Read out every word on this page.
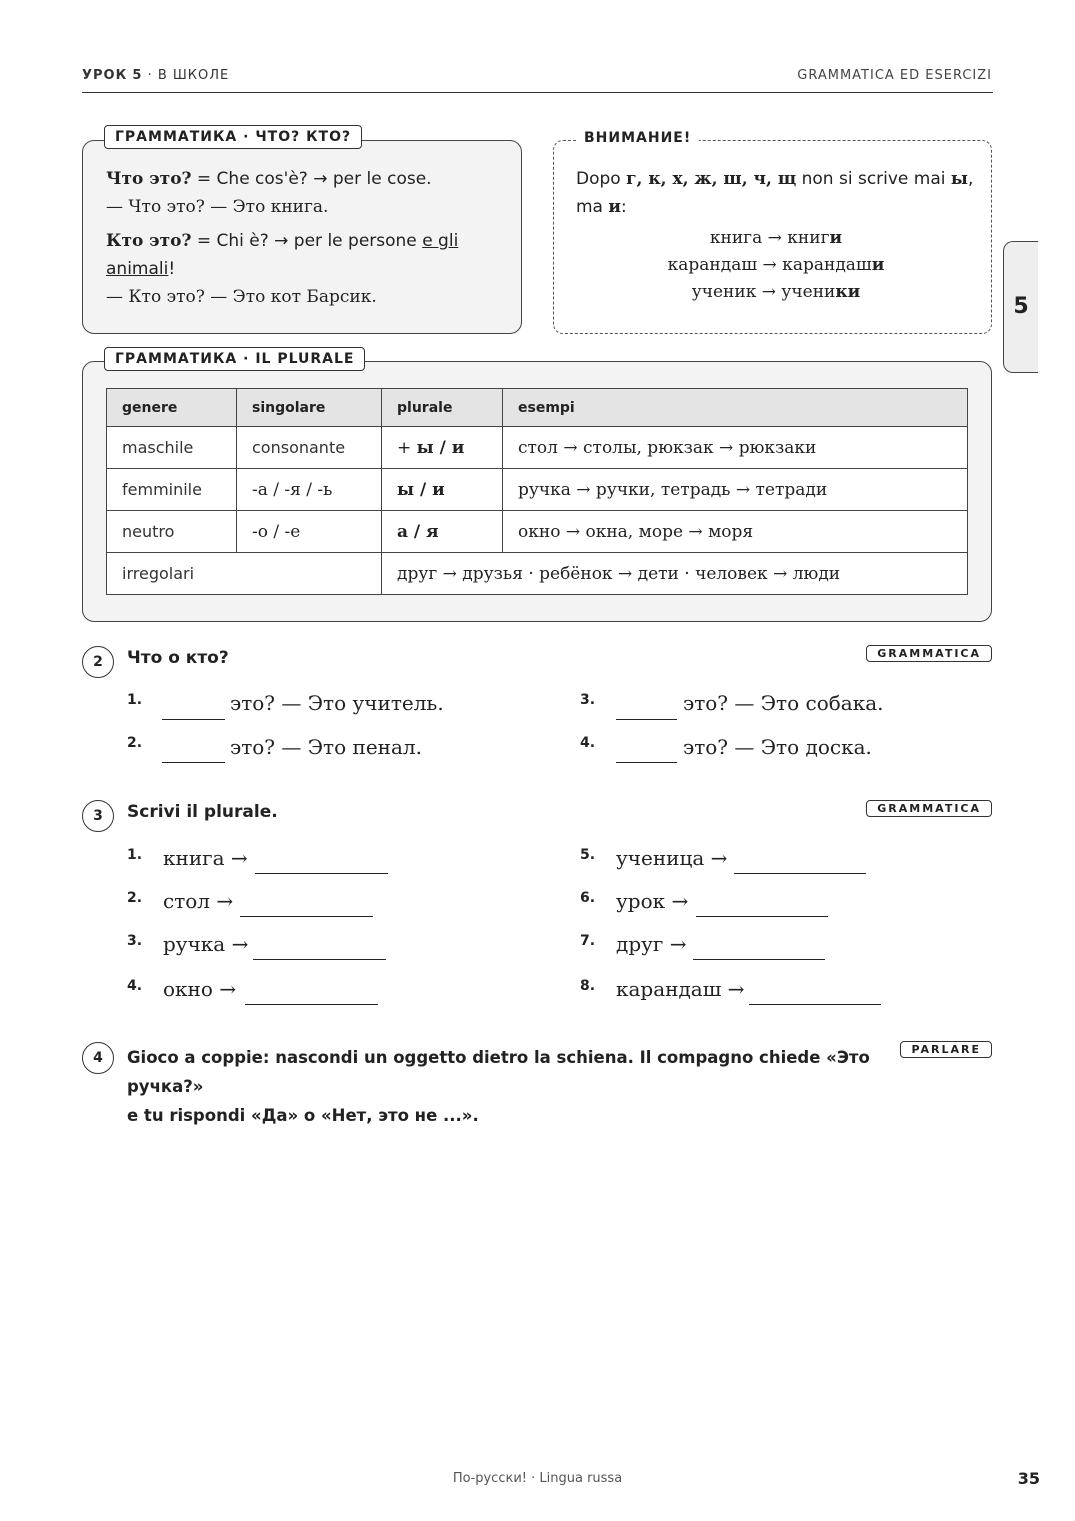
УРОК 5 · В ШКОЛЕ	GRAMMATICA ED ESERCIZI
5
ГРАММАТИКА · ЧТО? КТО?
Что это? = Che cos'è? → per le cose.
— Что это? — Это книга.
Кто это? = Chi è? → per le persone e gli
animali!
— Кто это? — Это кот Барсик.
ВНИМАНИЕ!
Dopo г, к, х, ж, ш, ч, щ non si scrive mai ы,
ma и:
книга → книги
карандаш → карандаши
ученик → ученики
ГРАММАТИКА · IL PLURALE
genere	singolare	plurale	esempi
maschile	consonante	+ ы / и	стол → столы, рюкзак → рюкзаки
femminile	-а / -я / -ь	ы / и	ручка → ручки, тетрадь → тетради
neutro	-о / -е	а / я	окно → окна, море → моря
irregolari		друг → друзья · ребёнок → дети · человек → люди	
2	Что о кто?	GRAMMATICA
1.	это? — Это учитель.
2.	это? — Это пенал.
3.	это? — Это собака.
4.	это? — Это доска.
3	Scrivi il plurale.	GRAMMATICA
1. книга →
2. стол →
3. ручка →
4. окно →
5. ученица →
6. урок →
7. друг →
8. карандаш →
4	Gioco a coppie: nascondi un oggetto dietro la schiena. Il compagno chiede «Это ручка?»
e tu rispondi «Да» o «Нет, это не ...».
PARLARE
По-русски! · Lingua russa	35
